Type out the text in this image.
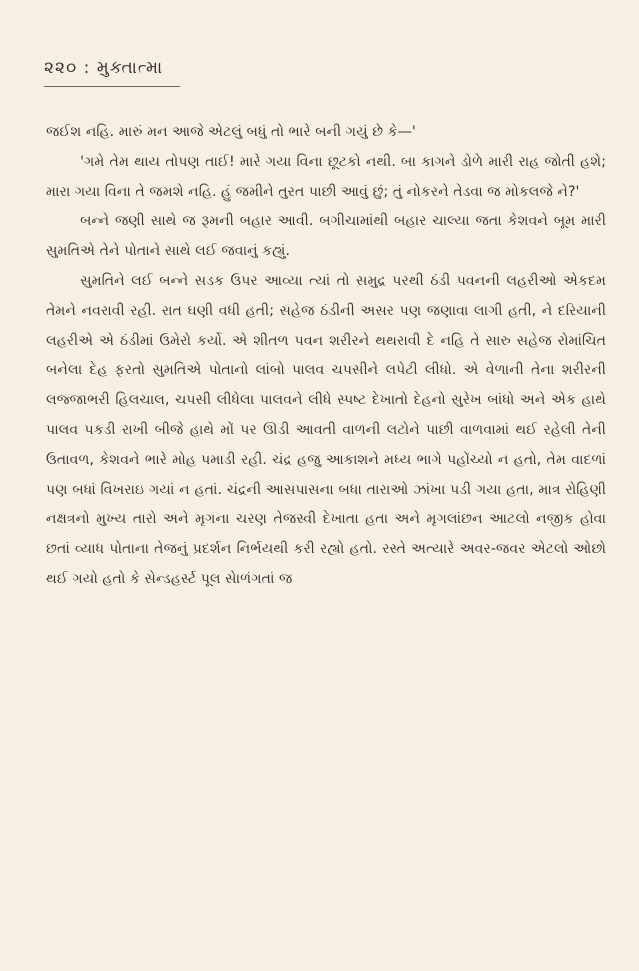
૨૨૦ : મુક્તાત્મા

જઈશ નહિ. મારું મન આજે એટલું બધું તો ભારે બની ગયું છે કે—'

'ગમે તેમ થાય તોપણ તાઈ! મારે ગયા વિના છૂટકો નથી. બા કાગને ડોળે મારી રાહ જોતી હશે; મારા ગયા વિના તે જમશે નહિ. હું જમીને તુરત પાછી આવું છું; તું નોકરને તેડવા જ મોકલજે ને?'

બન્ને જણી સાથે જ રૂમની બહાર આવી. બગીચામાંથી બહાર ચાલ્યા જતા કેશવને બૂમ મારી સુમતિએ તેને પોતાને સાથે લઈ જવાનું કહ્યું.

સુમતિને લઈ બન્ને સડક ઉપર આવ્યા ત્યાં તો સમુદ્ર પરથી ઠંડી પવનની લહરીઓ એકદમ તેમને નવરાવી રહી. રાત ઘણી વધી હતી; સહેજ ઠંડીની અસર પણ જણાવા લાગી હતી, ને દરિયાની લહરીએ એ ઠંડીમાં ઉમેરો કર્યો. એ શીતળ પવન શરીરને થથરાવી દે નહિ તે સારુ સહેજ રોમાંચિત બનેલા દેહ ફરતો સુમતિએ પોતાનો લાંબો પાલવ ચપસીને લપેટી લીધો. એ વેળાની તેના શરીરની લજ્જાભરી હિલચાલ, ચપસી લીધેલા પાલવને લીધે સ્પષ્ટ દેખાતો દેહનો સુરેખ બાંધો અને એક હાથે પાલવ પકડી રાખી બીજે હાથે મોં પર ઊડી આવતી વાળની લટોને પાછી વાળવામાં થઈ રહેલી તેની ઉતાવળ, કેશવને ભારે મોહ પમાડી રહી. ચંદ્ર હજુ આકાશને મધ્ય ભાગે પહોંચ્યો ન હતો, તેમ વાદળાં પણ બધાં વિખરાઇ ગયાં ન હતાં. ચંદ્રની આસપાસના બધા તારાઓ ઝાંખા પડી ગયા હતા, માત્ર રોહિણી નક્ષત્રનો મુખ્ય તારો અને મૃગના ચરણ તેજસ્વી દેખાતા હતા અને મૃગલાંછન આટલો નજીક હોવા છતાં વ્યાધ પોતાના તેજનું પ્રદર્શન નિર્ભયથી કરી રહ્યો હતો. રસ્તે અત્યારે અવર-જવર એટલો ઓછો થઈ ગયો હતો કે સેન્ડહર્સ્ટ પૂલ સેાળંગતાં જ
